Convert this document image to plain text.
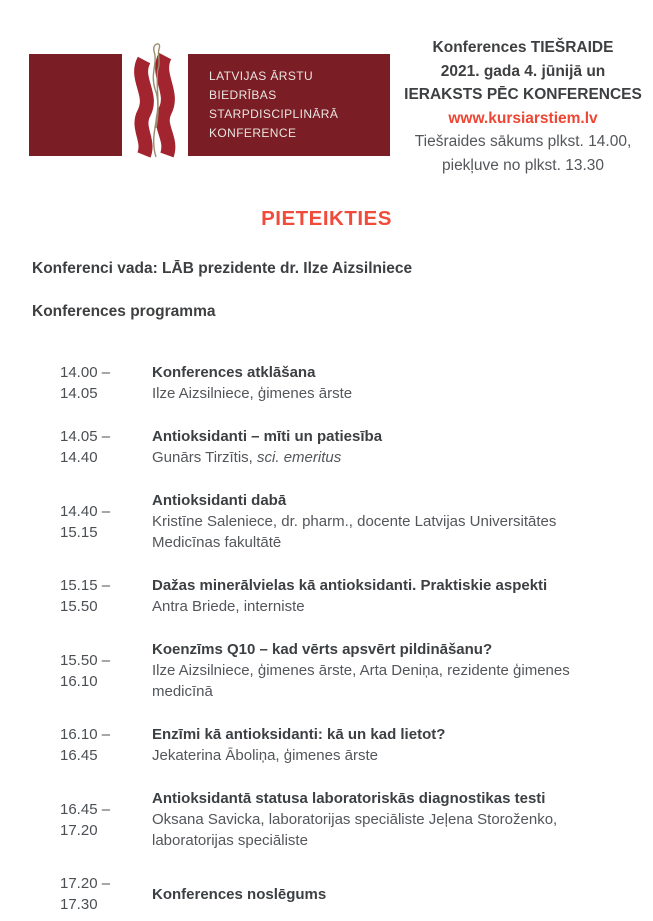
LATVIJAS ĀRSTU
BIEDRĪBAS
STARPDISCIPLINĀRĀ
KONFERENCE
Konferences TIEŠRAIDE
2021. gada 4. jūnijā un
IERAKSTS PĒC KONFERENCES
www.kursiarstiem.lv
Tiešraides sākums plkst. 14.00,
piekļuve no plkst. 13.30
PIETEIKTIES
Konferenci vada: LĀB prezidente dr. Ilze Aizsilniece
Konferences programma
14.00 –
14.05
Konferences atklāšana
Ilze Aizsilniece, ģimenes ārste
14.05 –
14.40
Antioksidanti – mīti un patiesība
Gunārs Tirzītis, sci. emeritus
14.40 –
15.15
Antioksidanti dabā
Kristīne Saleniece, dr. pharm., docente Latvijas Universitātes
Medicīnas fakultātē
15.15 –
15.50
Dažas minerālvielas kā antioksidanti. Praktiskie aspekti
Antra Briede, interniste
15.50 –
16.10
Koenzīms Q10 – kad vērts apsvērt pildināšanu?
Ilze Aizsilniece, ģimenes ārste, Arta Deniņa, rezidente ģimenes
medicīnā
16.10 –
16.45
Enzīmi kā antioksidanti: kā un kad lietot?
Jekaterina Āboliņa, ģimenes ārste
16.45 –
17.20
Antioksidantā statusa laboratoriskās diagnostikas testi
Oksana Savicka, laboratorijas speciāliste Jeļena Storoženko,
laboratorijas speciāliste
17.20 –
17.30
Konferences noslēgums
